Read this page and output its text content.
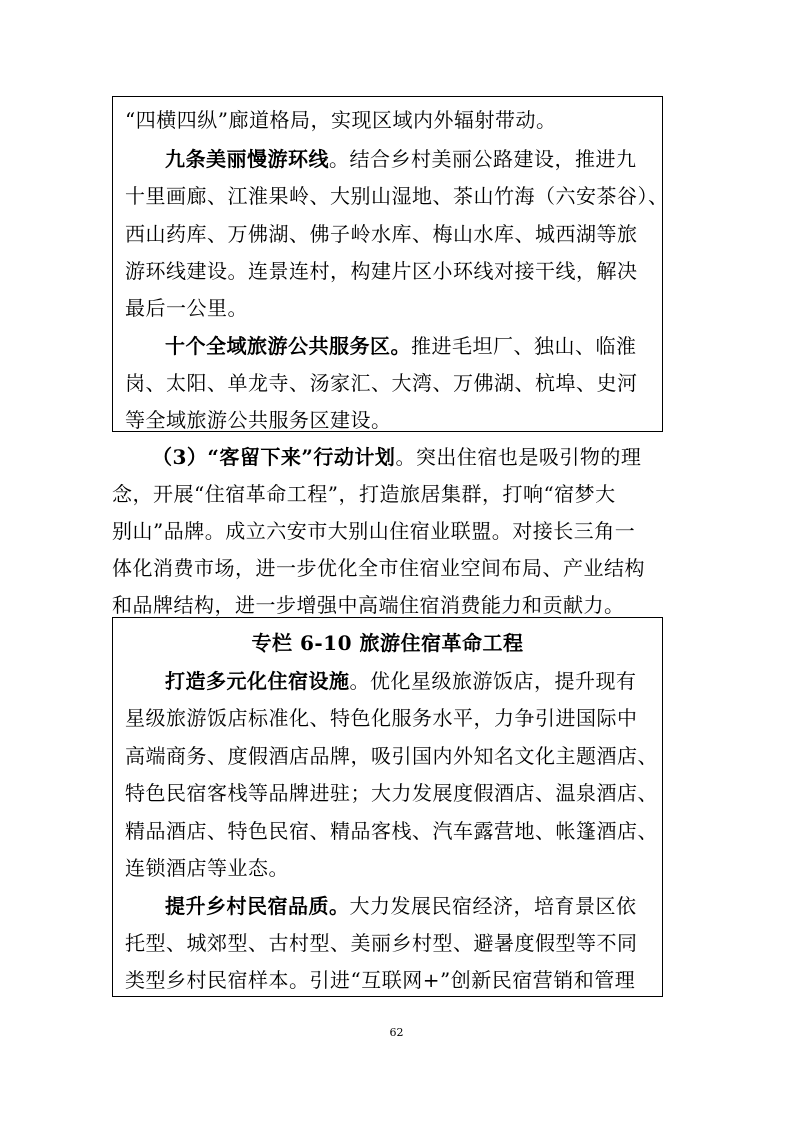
“四横四纵”廊道格局，实现区域内外辐射带动。
九条美丽慢游环线。结合乡村美丽公路建设，推进九
十里画廊、江淮果岭、大别山湿地、茶山竹海（六安茶谷）、
西山药库、万佛湖、佛子岭水库、梅山水库、城西湖等旅
游环线建设。连景连村，构建片区小环线对接干线，解决
最后一公里。
十个全域旅游公共服务区。推进毛坦厂、独山、临淮
岗、太阳、单龙寺、汤家汇、大湾、万佛湖、杭埠、史河
等全域旅游公共服务区建设。
（3）“客留下来”行动计划。突出住宿也是吸引物的理
念，开展“住宿革命工程”，打造旅居集群，打响“宿梦大
别山”品牌。成立六安市大别山住宿业联盟。对接长三角一
体化消费市场，进一步优化全市住宿业空间布局、产业结构
和品牌结构，进一步增强中高端住宿消费能力和贡献力。
专栏 6-10 旅游住宿革命工程
打造多元化住宿设施。优化星级旅游饭店，提升现有
星级旅游饭店标准化、特色化服务水平，力争引进国际中
高端商务、度假酒店品牌，吸引国内外知名文化主题酒店、
特色民宿客栈等品牌进驻；大力发展度假酒店、温泉酒店、
精品酒店、特色民宿、精品客栈、汽车露营地、帐篷酒店、
连锁酒店等业态。
提升乡村民宿品质。大力发展民宿经济，培育景区依
托型、城郊型、古村型、美丽乡村型、避暑度假型等不同
类型乡村民宿样本。引进“互联网+”创新民宿营销和管理
62
